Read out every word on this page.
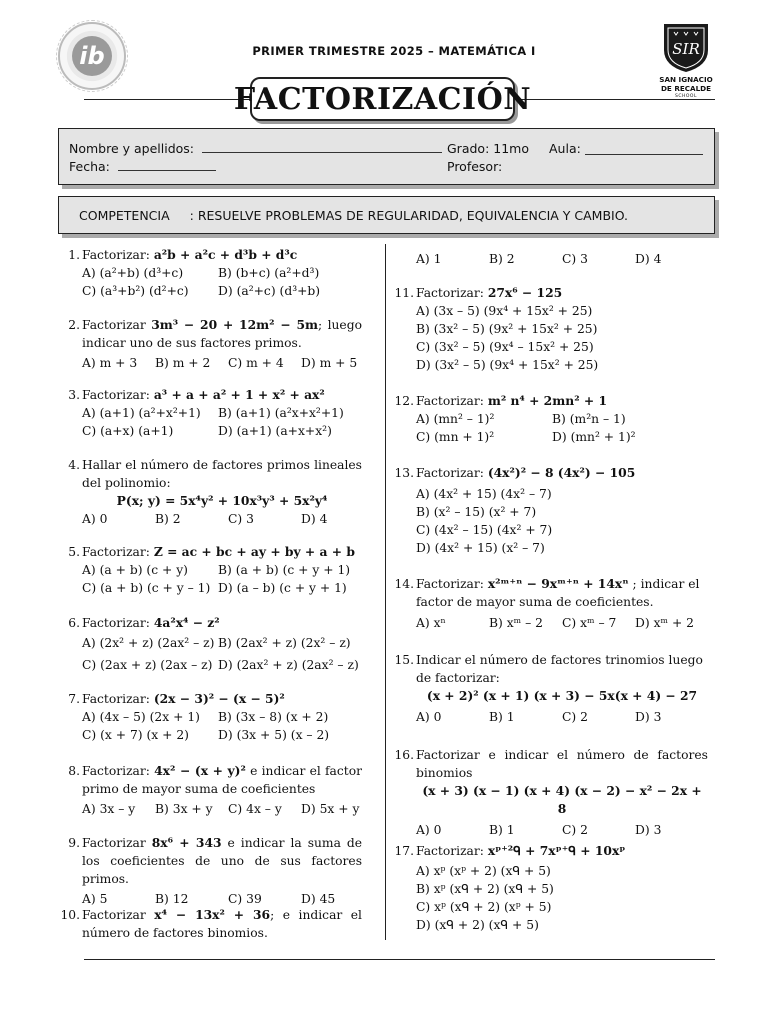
ib	PRIMER TRIMESTRE 2025 – MATEMÁTICA I	SIR
SAN IGNACIO
DE RECALDE
SCHOOL
FACTORIZACIÓN
Nombre y apellidos:	Grado: 11mo Aula:
Fecha:	Profesor:
COMPETENCIA : RESUELVE PROBLEMAS DE REGULARIDAD, EQUIVALENCIA Y CAMBIO.
1. Factorizar: a²b + a²c + d³b + d³c

A) (a²+b) (d³+c)	B) (b+c) (a²+d³)
C) (a³+b²) (d²+c)	D) (a²+c) (d³+b)
2. Factorizar 3m³ − 20 + 12m² − 5m; luego indicar uno de sus factores primos.

A) m + 3	B) m + 2	C) m + 4	D) m + 5
3. Factorizar: a³ + a + a² + 1 + x² + ax²

A) (a+1) (a²+x²+1)	B) (a+1) (a²x+x²+1)
C) (a+x) (a+1)	D) (a+1) (a+x+x²)
4. Hallar el número de factores primos lineales del polinomio:

P(x; y) = 5x⁴y² + 10x³y³ + 5x²y⁴

A) 0	B) 2	C) 3	D) 4
5. Factorizar: Z = ac + bc + ay + by + a + b

A) (a + b) (c + y)	B) (a + b) (c + y + 1)
C) (a + b) (c + y – 1) D) (a – b) (c + y + 1)
6. Factorizar: 4a²x⁴ − z²

A) (2x² + z) (2ax² – z) B) (2ax² + z) (2x² – z)
C) (2ax + z) (2ax – z) D) (2ax² + z) (2ax² – z)
7. Factorizar: (2x − 3)² − (x − 5)²

A) (4x – 5) (2x + 1)	B) (3x – 8) (x + 2)
C) (x + 7) (x + 2)	D) (3x + 5) (x – 2)
8. Factorizar: 4x² − (x + y)² e indicar el factor primo de mayor suma de coeficientes

A) 3x – y	B) 3x + y	C) 4x – y	D) 5x + y
9. Factorizar 8x⁶ + 343 e indicar la suma de los coeficientes de uno de sus factores primos.

A) 5	B) 12	C) 39	D) 45
10. Factorizar x⁴ − 13x² + 36; e indicar el número de factores binomios.

A) 1	B) 2	C) 3	D) 4
11. Factorizar: 27x⁶ − 125

A) (3x – 5) (9x⁴ + 15x² + 25)
B) (3x² – 5) (9x² + 15x² + 25)
C) (3x² – 5) (9x⁴ – 15x² + 25)
D) (3x² – 5) (9x⁴ + 15x² + 25)
12. Factorizar: m² n⁴ + 2mn² + 1

A) (mn² – 1)²	B) (m²n – 1)
C) (mn + 1)²	D) (mn² + 1)²
13. Factorizar: (4x²)² − 8 (4x²) − 105

A) (4x² + 15) (4x² – 7)
B) (x² – 15) (x² + 7)
C) (4x² – 15) (4x² + 7)
D) (4x² + 15) (x² – 7)
14. Factorizar: x²ᵐ⁺ⁿ − 9xᵐ⁺ⁿ + 14xⁿ ; indicar el factor de mayor suma de coeficientes.

A) xⁿ	B) xᵐ – 2	C) xᵐ – 7	D) xᵐ + 2
15. Indicar el número de factores trinomios luego de factorizar:

(x + 2)² (x + 1) (x + 3) − 5x(x + 4) − 27

A) 0	B) 1	C) 2	D) 3
16. Factorizar e indicar el número de factores binomios

(x + 3) (x − 1) (x + 4) (x − 2) − x² − 2x + 8

A) 0	B) 1	C) 2	D) 3
17. Factorizar: xᵖ⁺²ᑫ + 7xᵖ⁺ᑫ + 10xᵖ

A) xᵖ (xᵖ + 2) (xᑫ + 5)
B) xᵖ (xᑫ + 2) (xᑫ + 5)
C) xᵖ (xᑫ + 2) (xᵖ + 5)
D) (xᑫ + 2) (xᑫ + 5)
